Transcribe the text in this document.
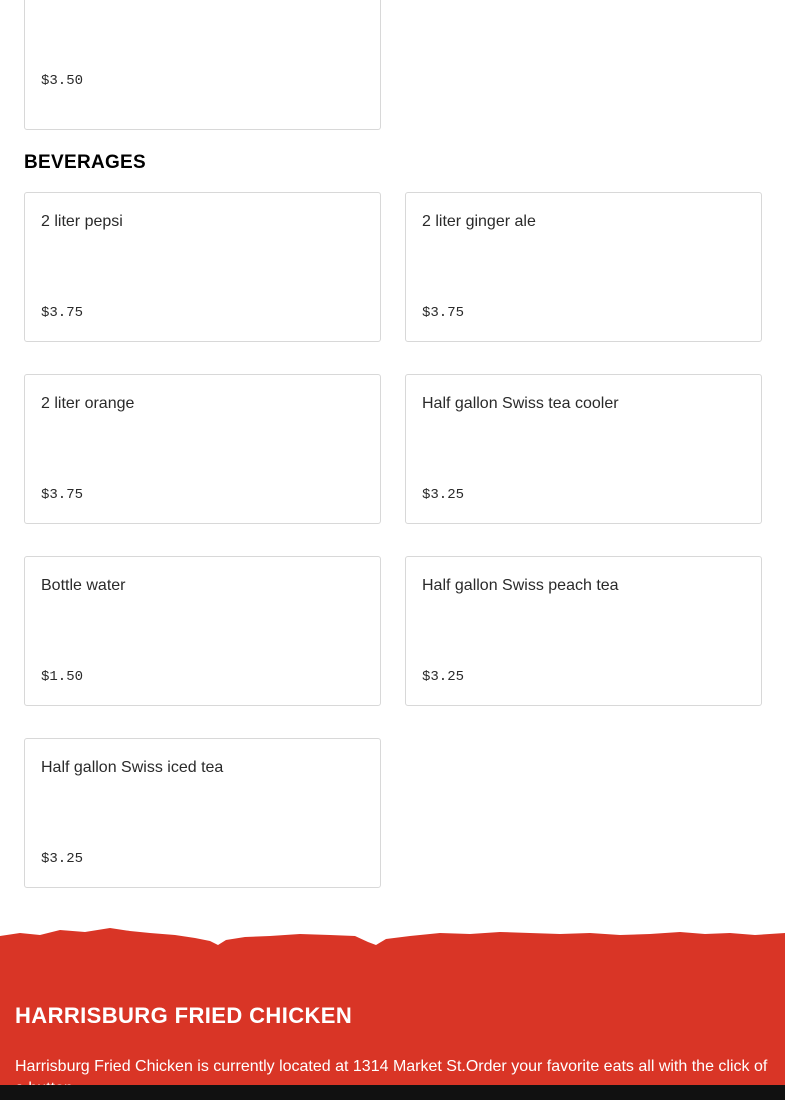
$3.50
BEVERAGES
2 liter pepsi
$3.75
2 liter ginger ale
$3.75
2 liter orange
$3.75
Half gallon Swiss tea cooler
$3.25
Bottle water
$1.50
Half gallon Swiss peach tea
$3.25
Half gallon Swiss iced tea
$3.25
HARRISBURG FRIED CHICKEN

Harrisburg Fried Chicken is currently located at 1314 Market St.Order your favorite eats all with the click of
